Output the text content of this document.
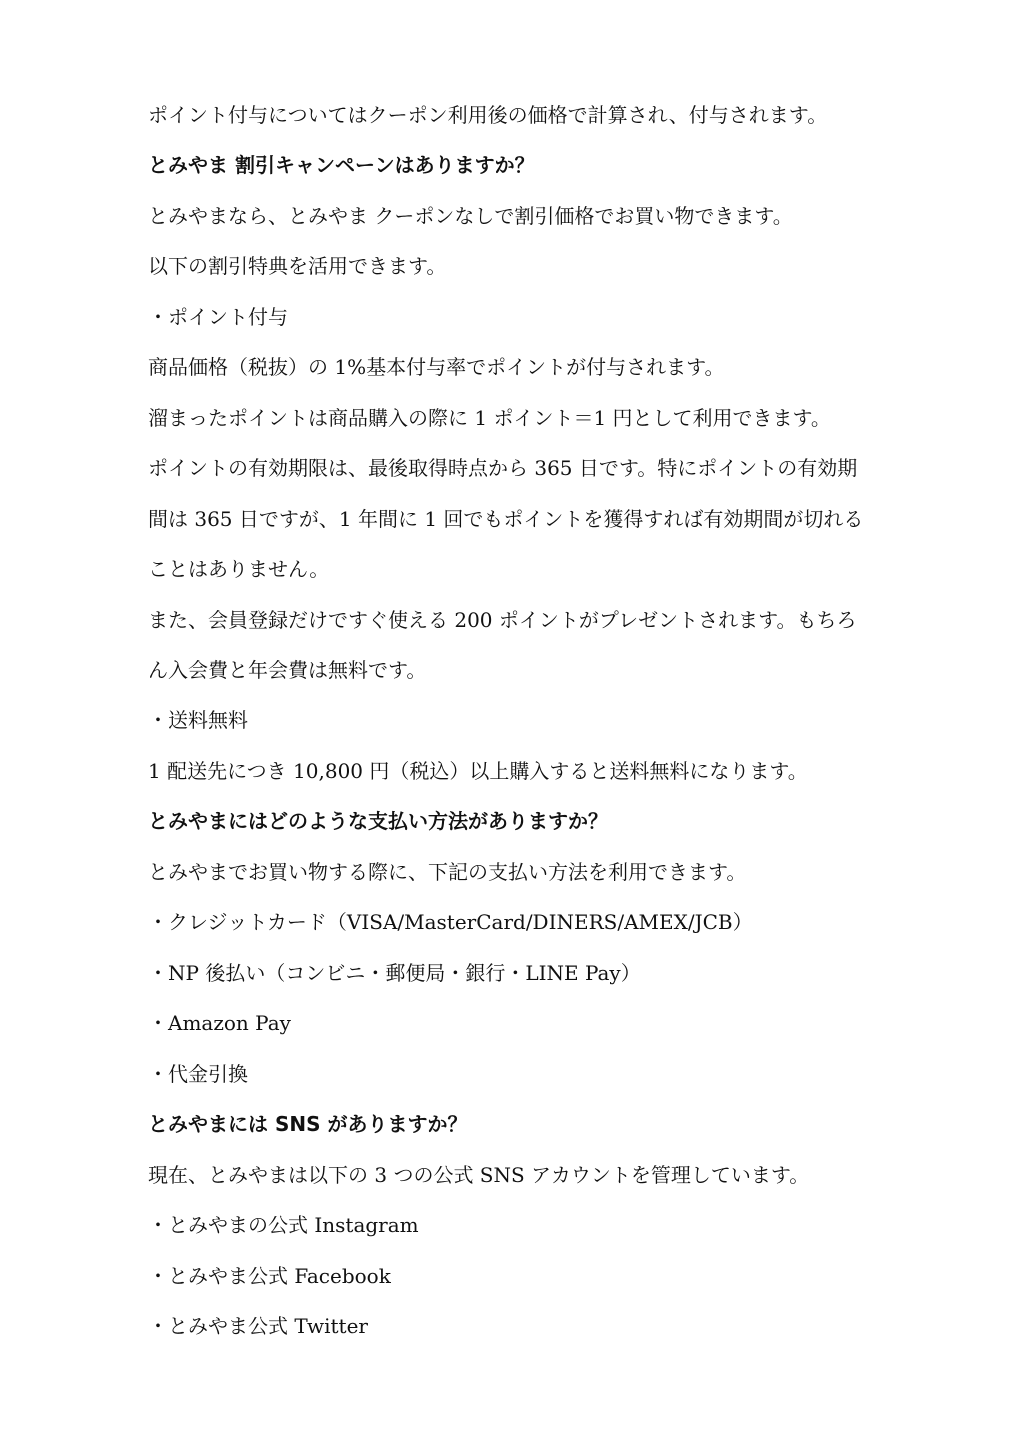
ポイント付与についてはクーポン利用後の価格で計算され、付与されます。
とみやま 割引キャンペーンはありますか？
とみやまなら、とみやま クーポンなしで割引価格でお買い物できます。
以下の割引特典を活用できます。
・ポイント付与
商品価格（税抜）の 1%基本付与率でポイントが付与されます。
溜まったポイントは商品購入の際に 1 ポイント＝1 円として利用できます。
ポイントの有効期限は、最後取得時点から 365 日です。特にポイントの有効期
間は 365 日ですが、1 年間に 1 回でもポイントを獲得すれば有効期間が切れる
ことはありません。
また、会員登録だけですぐ使える 200 ポイントがプレゼントされます。もちろ
ん入会費と年会費は無料です。
・送料無料
1 配送先につき 10,800 円（税込）以上購入すると送料無料になります。
とみやまにはどのような支払い方法がありますか？
とみやまでお買い物する際に、下記の支払い方法を利用できます。
・クレジットカード（VISA/MasterCard/DINERS/AMEX/JCB）
・NP 後払い（コンビニ・郵便局・銀行・LINE Pay）
・Amazon Pay
・代金引換
とみやまには SNS がありますか？
現在、とみやまは以下の 3 つの公式 SNS アカウントを管理しています。
・とみやまの公式 Instagram
・とみやま公式 Facebook
・とみやま公式 Twitter
